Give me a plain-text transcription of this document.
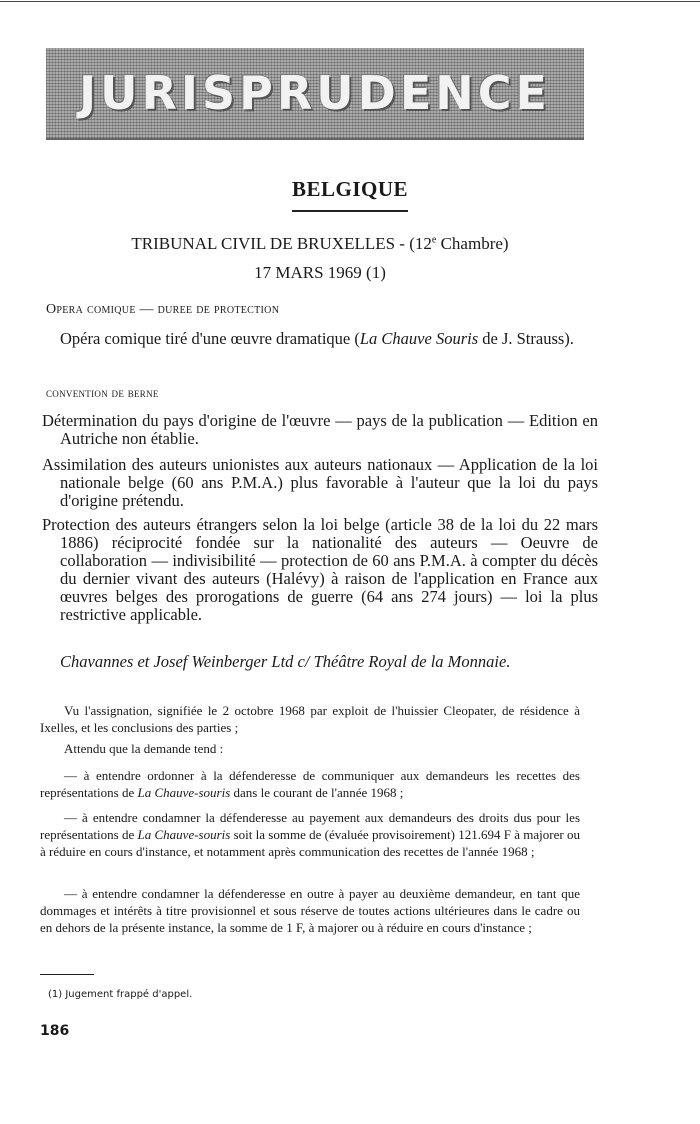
JURISPRUDENCE
BELGIQUE
TRIBUNAL CIVIL DE BRUXELLES - (12e Chambre)
17 MARS 1969 (1)
Opera comique — duree de protection
Opéra comique tiré d'une œuvre dramatique (La Chauve Souris de J. Strauss).
convention de berne
Détermination du pays d'origine de l'œuvre — pays de la publication — Edition en Autriche non établie.
Assimilation des auteurs unionistes aux auteurs nationaux — Application de la loi nationale belge (60 ans P.M.A.) plus favorable à l'auteur que la loi du pays d'origine prétendu.
Protection des auteurs étrangers selon la loi belge (article 38 de la loi du 22 mars 1886) réciprocité fondée sur la nationalité des auteurs — Oeuvre de collaboration — indivisibilité — protection de 60 ans P.M.A. à compter du décès du dernier vivant des auteurs (Halévy) à raison de l'application en France aux œuvres belges des prorogations de guerre (64 ans 274 jours) — loi la plus restrictive applicable.
Chavannes et Josef Weinberger Ltd c/ Théâtre Royal de la Monnaie.
Vu l'assignation, signifiée le 2 octobre 1968 par exploit de l'huissier Cleopater, de résidence à Ixelles, et les conclusions des parties ;
Attendu que la demande tend :
— à entendre ordonner à la défenderesse de communiquer aux demandeurs les recettes des représentations de La Chauve-souris dans le courant de l'année 1968 ;
— à entendre condamner la défenderesse au payement aux demandeurs des droits dus pour les représentations de La Chauve-souris soit la somme de (évaluée provisoirement) 121.694 F à majorer ou à réduire en cours d'instance, et notamment après communication des recettes de l'année 1968 ;
— à entendre condamner la défenderesse en outre à payer au deuxième demandeur, en tant que dommages et intérêts à titre provisionnel et sous réserve de toutes actions ultérieures dans le cadre ou en dehors de la présente instance, la somme de 1 F, à majorer ou à réduire en cours d'instance ;
(1) Jugement frappé d'appel.
186
